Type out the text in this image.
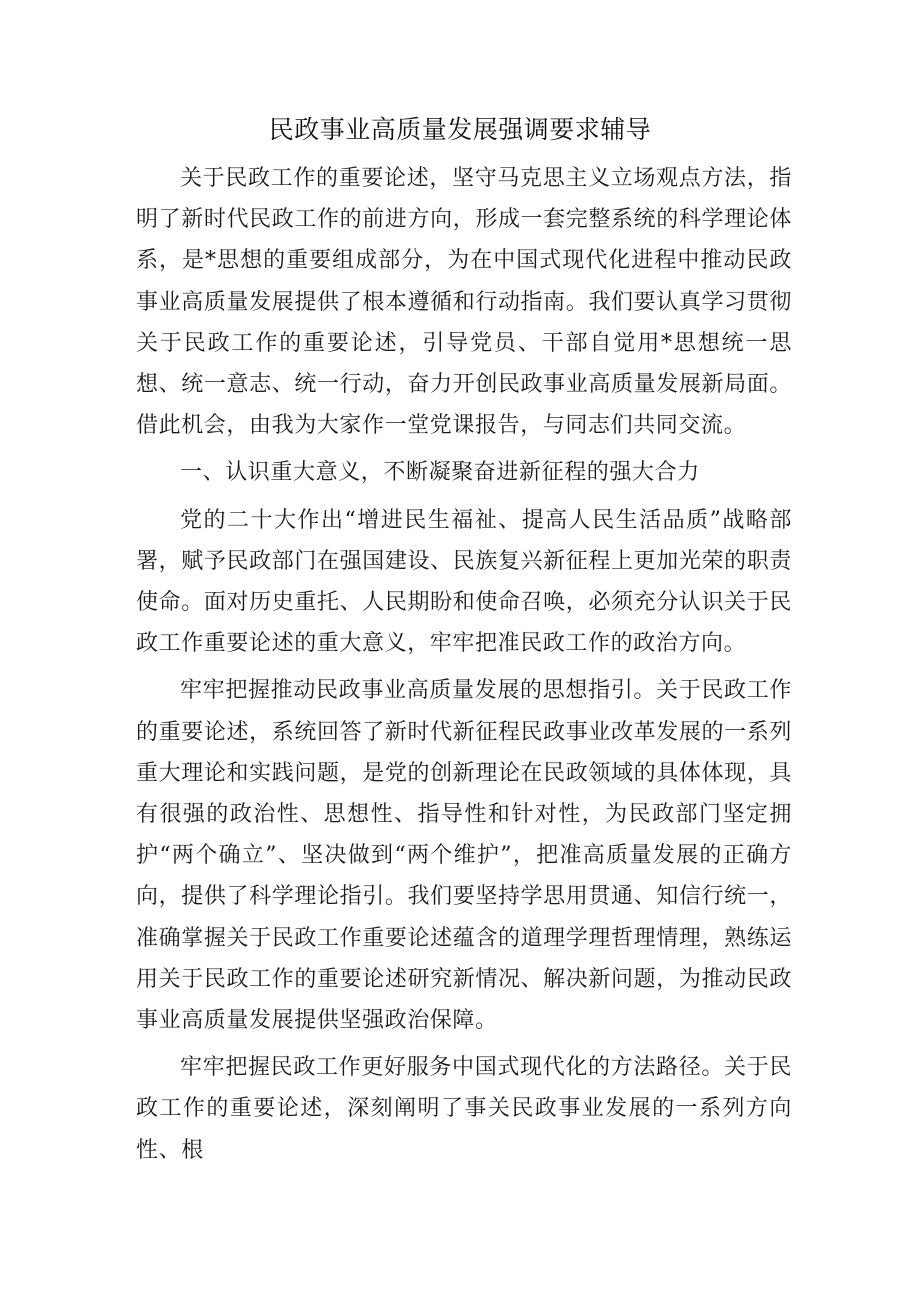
民政事业高质量发展强调要求辅导

关于民政工作的重要论述，坚守马克思主义立场观点方法，指明了新时代民政工作的前进方向，形成一套完整系统的科学理论体系，是*思想的重要组成部分，为在中国式现代化进程中推动民政事业高质量发展提供了根本遵循和行动指南。我们要认真学习贯彻关于民政工作的重要论述，引导党员、干部自觉用*思想统一思想、统一意志、统一行动，奋力开创民政事业高质量发展新局面。借此机会，由我为大家作一堂党课报告，与同志们共同交流。

一、认识重大意义，不断凝聚奋进新征程的强大合力

党的二十大作出“增进民生福祉、提高人民生活品质”战略部署，赋予民政部门在强国建设、民族复兴新征程上更加光荣的职责使命。面对历史重托、人民期盼和使命召唤，必须充分认识关于民政工作重要论述的重大意义，牢牢把准民政工作的政治方向。

牢牢把握推动民政事业高质量发展的思想指引。关于民政工作的重要论述，系统回答了新时代新征程民政事业改革发展的一系列重大理论和实践问题，是党的创新理论在民政领域的具体体现，具有很强的政治性、思想性、指导性和针对性，为民政部门坚定拥护“两个确立”、坚决做到“两个维护”，把准高质量发展的正确方向，提供了科学理论指引。我们要坚持学思用贯通、知信行统一，准确掌握关于民政工作重要论述蕴含的道理学理哲理情理，熟练运用关于民政工作的重要论述研究新情况、解决新问题，为推动民政事业高质量发展提供坚强政治保障。

牢牢把握民政工作更好服务中国式现代化的方法路径。关于民政工作的重要论述，深刻阐明了事关民政事业发展的一系列方向性、根
